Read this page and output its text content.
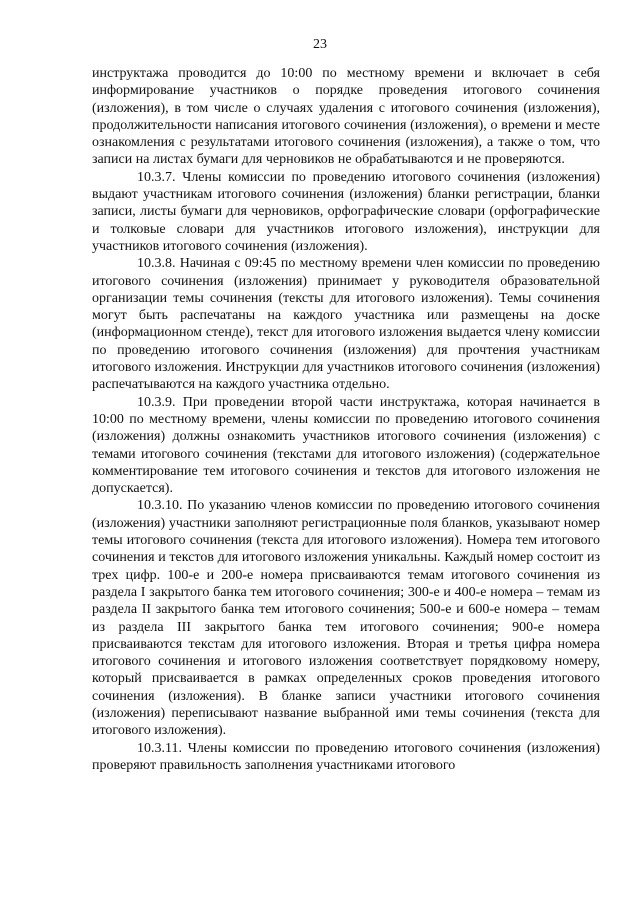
23

инструктажа проводится до 10:00 по местному времени и включает в себя информирование участников о порядке проведения итогового сочинения (изложения), в том числе о случаях удаления с итогового сочинения (изложения), продолжительности написания итогового сочинения (изложения), о времени и месте ознакомления с результатами итогового сочинения (изложения), а также о том, что записи на листах бумаги для черновиков не обрабатываются и не проверяются.

10.3.7. Члены комиссии по проведению итогового сочинения (изложения) выдают участникам итогового сочинения (изложения) бланки регистрации, бланки записи, листы бумаги для черновиков, орфографические словари (орфографические и толковые словари для участников итогового изложения), инструкции для участников итогового сочинения (изложения).

10.3.8. Начиная с 09:45 по местному времени член комиссии по проведению итогового сочинения (изложения) принимает у руководителя образовательной организации темы сочинения (тексты для итогового изложения). Темы сочинения могут быть распечатаны на каждого участника или размещены на доске (информационном стенде), текст для итогового изложения выдается члену комиссии по проведению итогового сочинения (изложения) для прочтения участникам итогового изложения. Инструкции для участников итогового сочинения (изложения) распечатываются на каждого участника отдельно.

10.3.9. При проведении второй части инструктажа, которая начинается в 10:00 по местному времени, члены комиссии по проведению итогового сочинения (изложения) должны ознакомить участников итогового сочинения (изложения) с темами итогового сочинения (текстами для итогового изложения) (содержательное комментирование тем итогового сочинения и текстов для итогового изложения не допускается).

10.3.10. По указанию членов комиссии по проведению итогового сочинения (изложения) участники заполняют регистрационные поля бланков, указывают номер темы итогового сочинения (текста для итогового изложения). Номера тем итогового сочинения и текстов для итогового изложения уникальны. Каждый номер состоит из трех цифр. 100-е и 200-е номера присваиваются темам итогового сочинения из раздела I закрытого банка тем итогового сочинения; 300-е и 400-е номера – темам из раздела II закрытого банка тем итогового сочинения; 500-е и 600-е номера – темам из раздела III закрытого банка тем итогового сочинения; 900-е номера присваиваются текстам для итогового изложения. Вторая и третья цифра номера итогового сочинения и итогового изложения соответствует порядковому номеру, который присваивается в рамках определенных сроков проведения итогового сочинения (изложения). В бланке записи участники итогового сочинения (изложения) переписывают название выбранной ими темы сочинения (текста для итогового изложения).

10.3.11. Члены комиссии по проведению итогового сочинения (изложения) проверяют правильность заполнения участниками итогового
